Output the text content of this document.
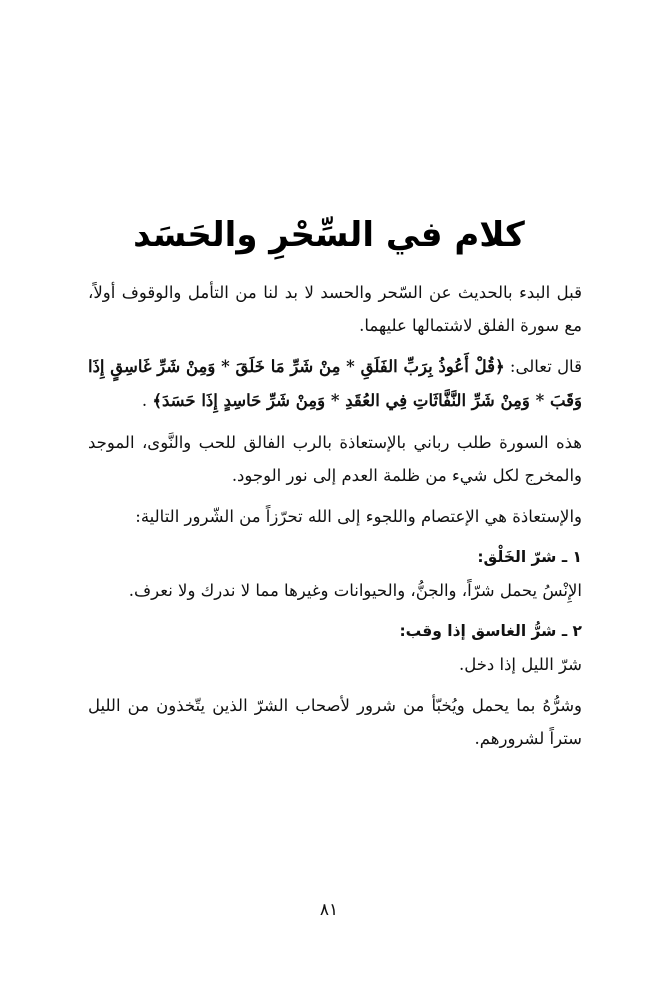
كلام في السِّحْرِ والحَسَد

قبل البدء بالحديث عن السّحر والحسد لا بد لنا من التأمل والوقوف أولاً، مع سورة الفلق لاشتمالها عليهما.

قال تعالى: ﴿قُلْ أَعُوذُ بِرَبِّ الفَلَقِ * مِنْ شَرِّ مَا خَلَقَ * وَمِنْ شَرِّ غَاسِقٍ إِذَا وَقَبَ * وَمِنْ شَرِّ النَّفَّاثَاتِ فِي العُقَدِ * وَمِنْ شَرِّ حَاسِدٍ إِذَا حَسَدَ﴾ .

هذه السورة طلب رباني بالإستعاذة بالرب الفالق للحب والنَّوى، الموجد والمخرج لكل شيء من ظلمة العدم إلى نور الوجود.

والإستعاذة هي الإعتصام واللجوء إلى الله تحرّزاً من الشّرور التالية:

١ ـ شرّ الخَلْق:

الإِنْسُ يحمل شرّاً، والجنُّ، والحيوانات وغيرها مما لا ندرك ولا نعرف.

٢ ـ شرُّ الغاسق إذا وقب:

شرّ الليل إذا دخل.

وشرُّهُ بما يحمل ويُخبّأ من شرور لأصحاب الشرّ الذين يتّخذون من الليل ستراً لشرورهم.

٨١
